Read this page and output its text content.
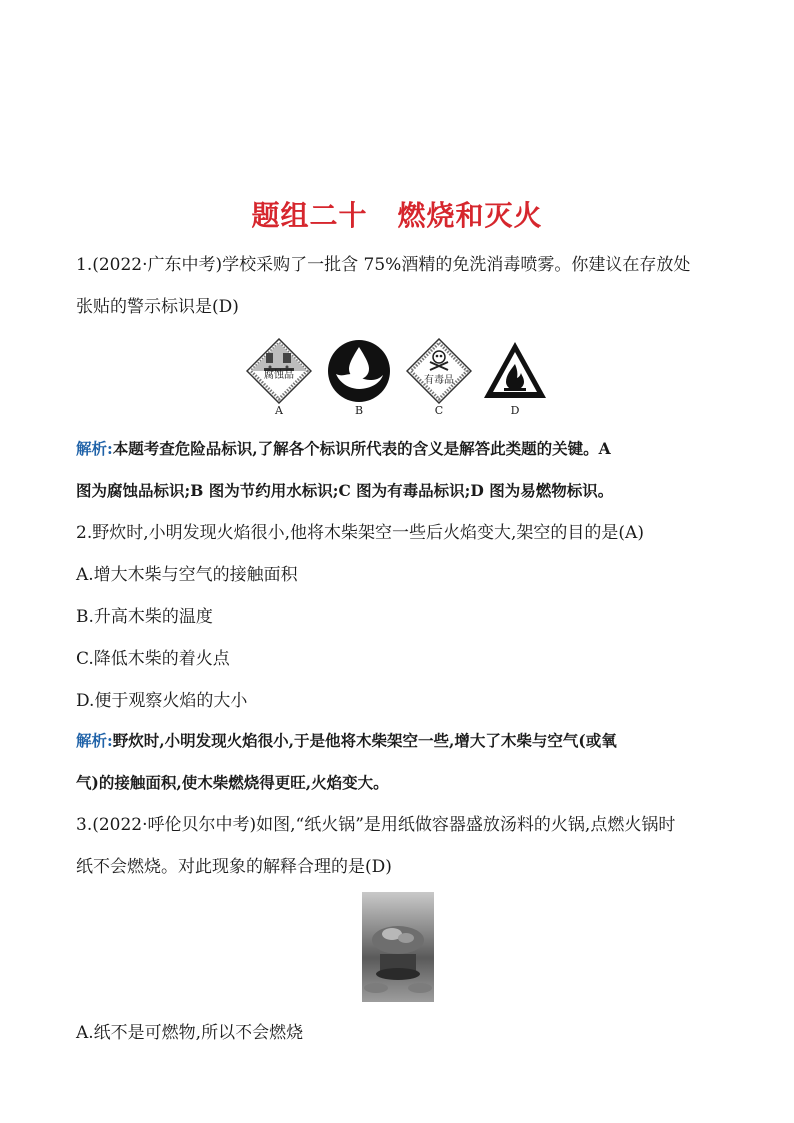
题组二十 燃烧和灭火
1.(2022·广东中考)学校采购了一批含 75%酒精的免洗消毒喷雾。你建议在存放处
张贴的警示标识是(D)
腐蚀品
A	B
有毒品
C	D
解析:本题考查危险品标识,了解各个标识所代表的含义是解答此类题的关键。A
图为腐蚀品标识;B 图为节约用水标识;C 图为有毒品标识;D 图为易燃物标识。
2.野炊时,小明发现火焰很小,他将木柴架空一些后火焰变大,架空的目的是(A)
A.增大木柴与空气的接触面积
B.升高木柴的温度
C.降低木柴的着火点
D.便于观察火焰的大小
解析:野炊时,小明发现火焰很小,于是他将木柴架空一些,增大了木柴与空气(或氧
气)的接触面积,使木柴燃烧得更旺,火焰变大。
3.(2022·呼伦贝尔中考)如图,“纸火锅”是用纸做容器盛放汤料的火锅,点燃火锅时
纸不会燃烧。对此现象的解释合理的是(D)
A.纸不是可燃物,所以不会燃烧
